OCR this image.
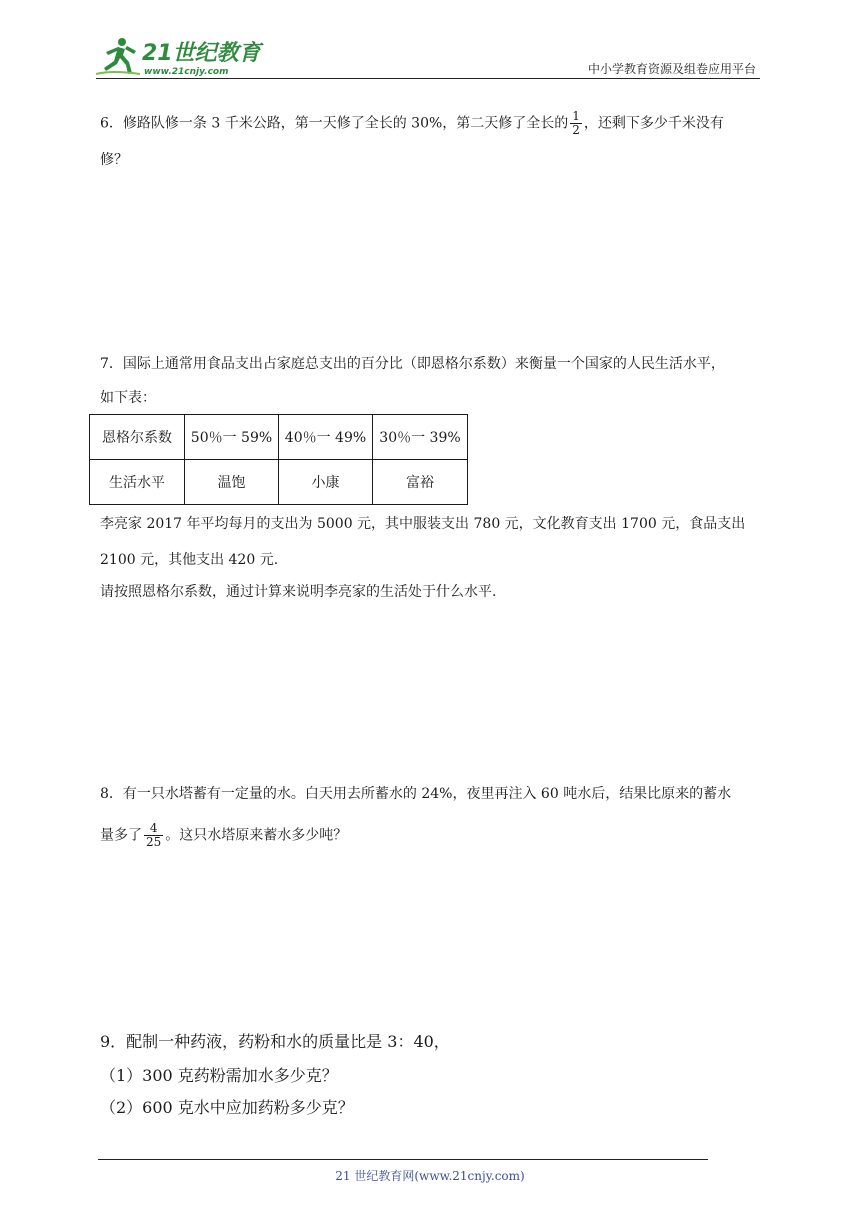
21世纪教育
www.21cnjy.com	中小学教育资源及组卷应用平台
6．修路队修一条 3 千米公路，第一天修了全长的 30%，第二天修了全长的 $\frac{1}{2}$ ，还剩下多少千米没有
修？
7．国际上通常用食品支出占家庭总支出的百分比（即恩格尔系数）来衡量一个国家的人民生活水平，
如下表：
恩格尔系数	50％一 59%	40％一 49%	30％一 39%
生活水平	温饱	小康	富裕
李亮家 2017 年平均每月的支出为 5000 元，其中服装支出 780 元，文化教育支出 1700 元，食品支出
2100 元，其他支出 420 元.
请按照恩格尔系数，通过计算来说明李亮家的生活处于什么水平.
8．有一只水塔蓄有一定量的水。白天用去所蓄水的 24%，夜里再注入 60 吨水后，结果比原来的蓄水
量多了 $\frac{4}{25}$ 。这只水塔原来蓄水多少吨？
9．配制一种药液，药粉和水的质量比是 3：40，
（1）300 克药粉需加水多少克？
（2）600 克水中应加药粉多少克？
21 世纪教育网(www.21cnjy.com)
